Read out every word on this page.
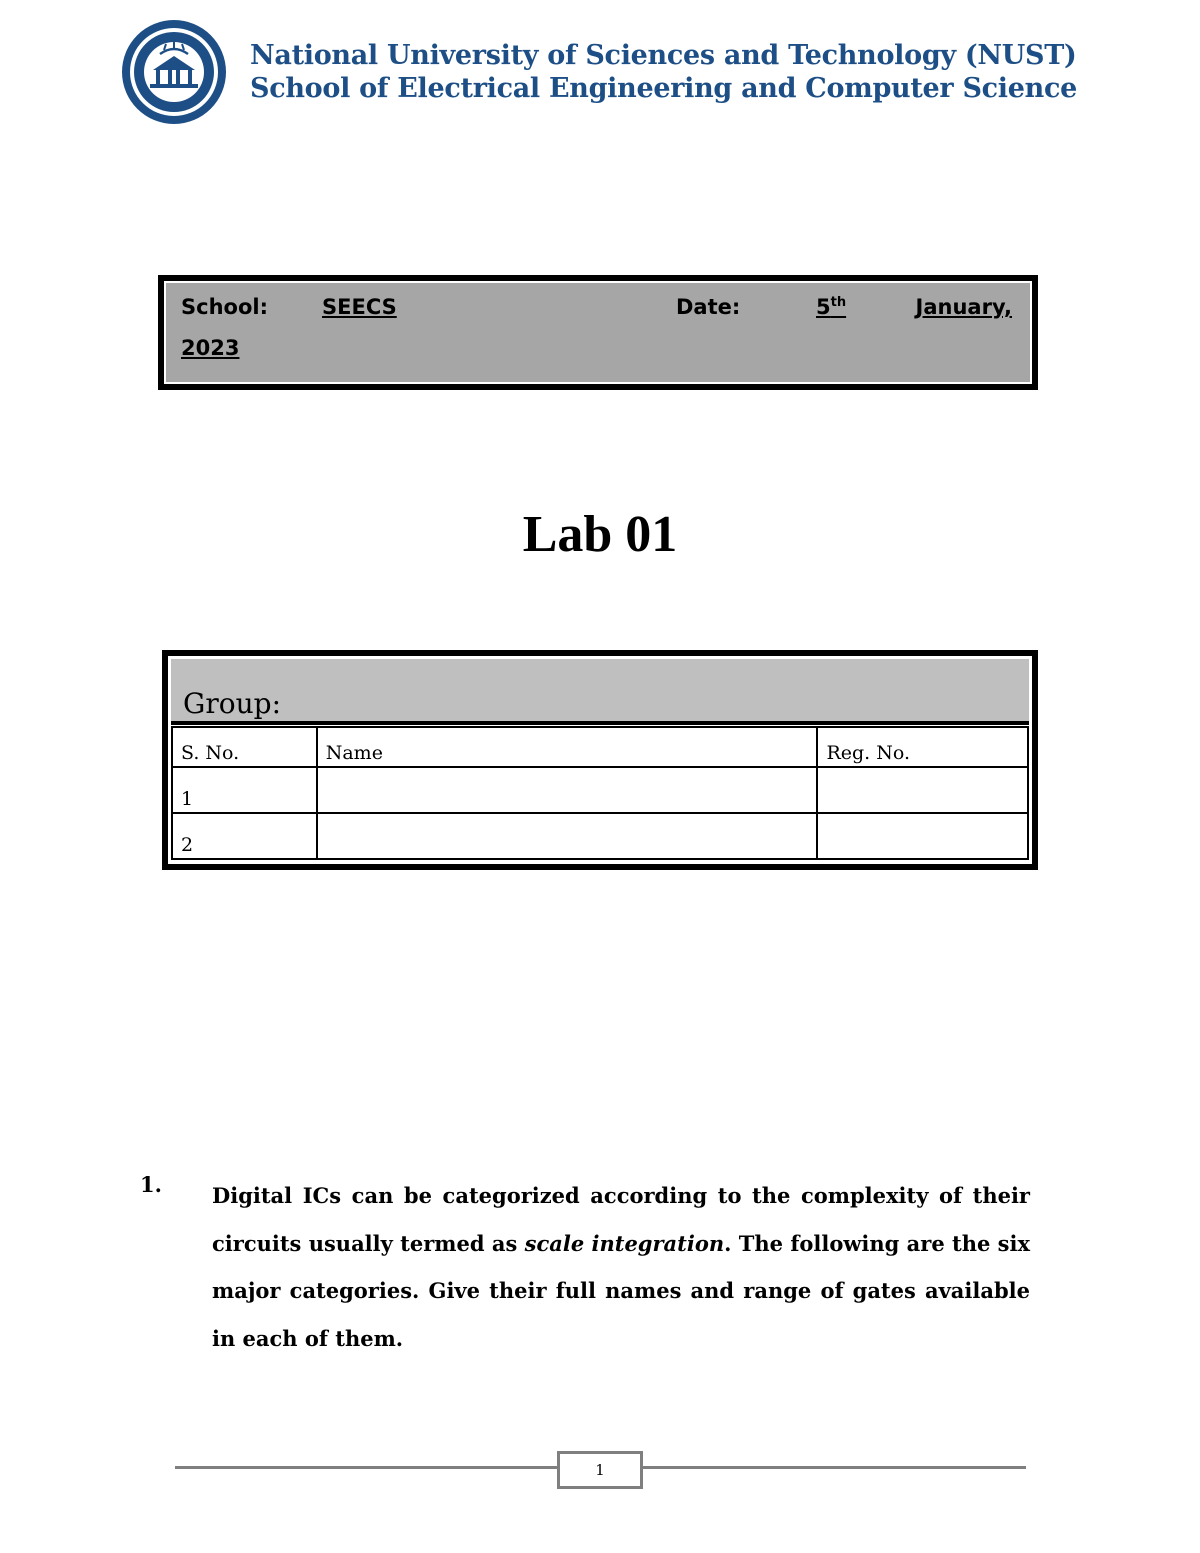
National University of Sciences and Technology (NUST)
School of Electrical Engineering and Computer Science
School:	SEECS	Date:	5th	January,
2023
Lab 01
Group:
S. No.	Name	Reg. No.
1		
2		
1. Digital ICs can be categorized according to the complexity of their circuits usually termed as scale integration. The following are the six major categories. Give their full names and range of gates available in each of them.
1
